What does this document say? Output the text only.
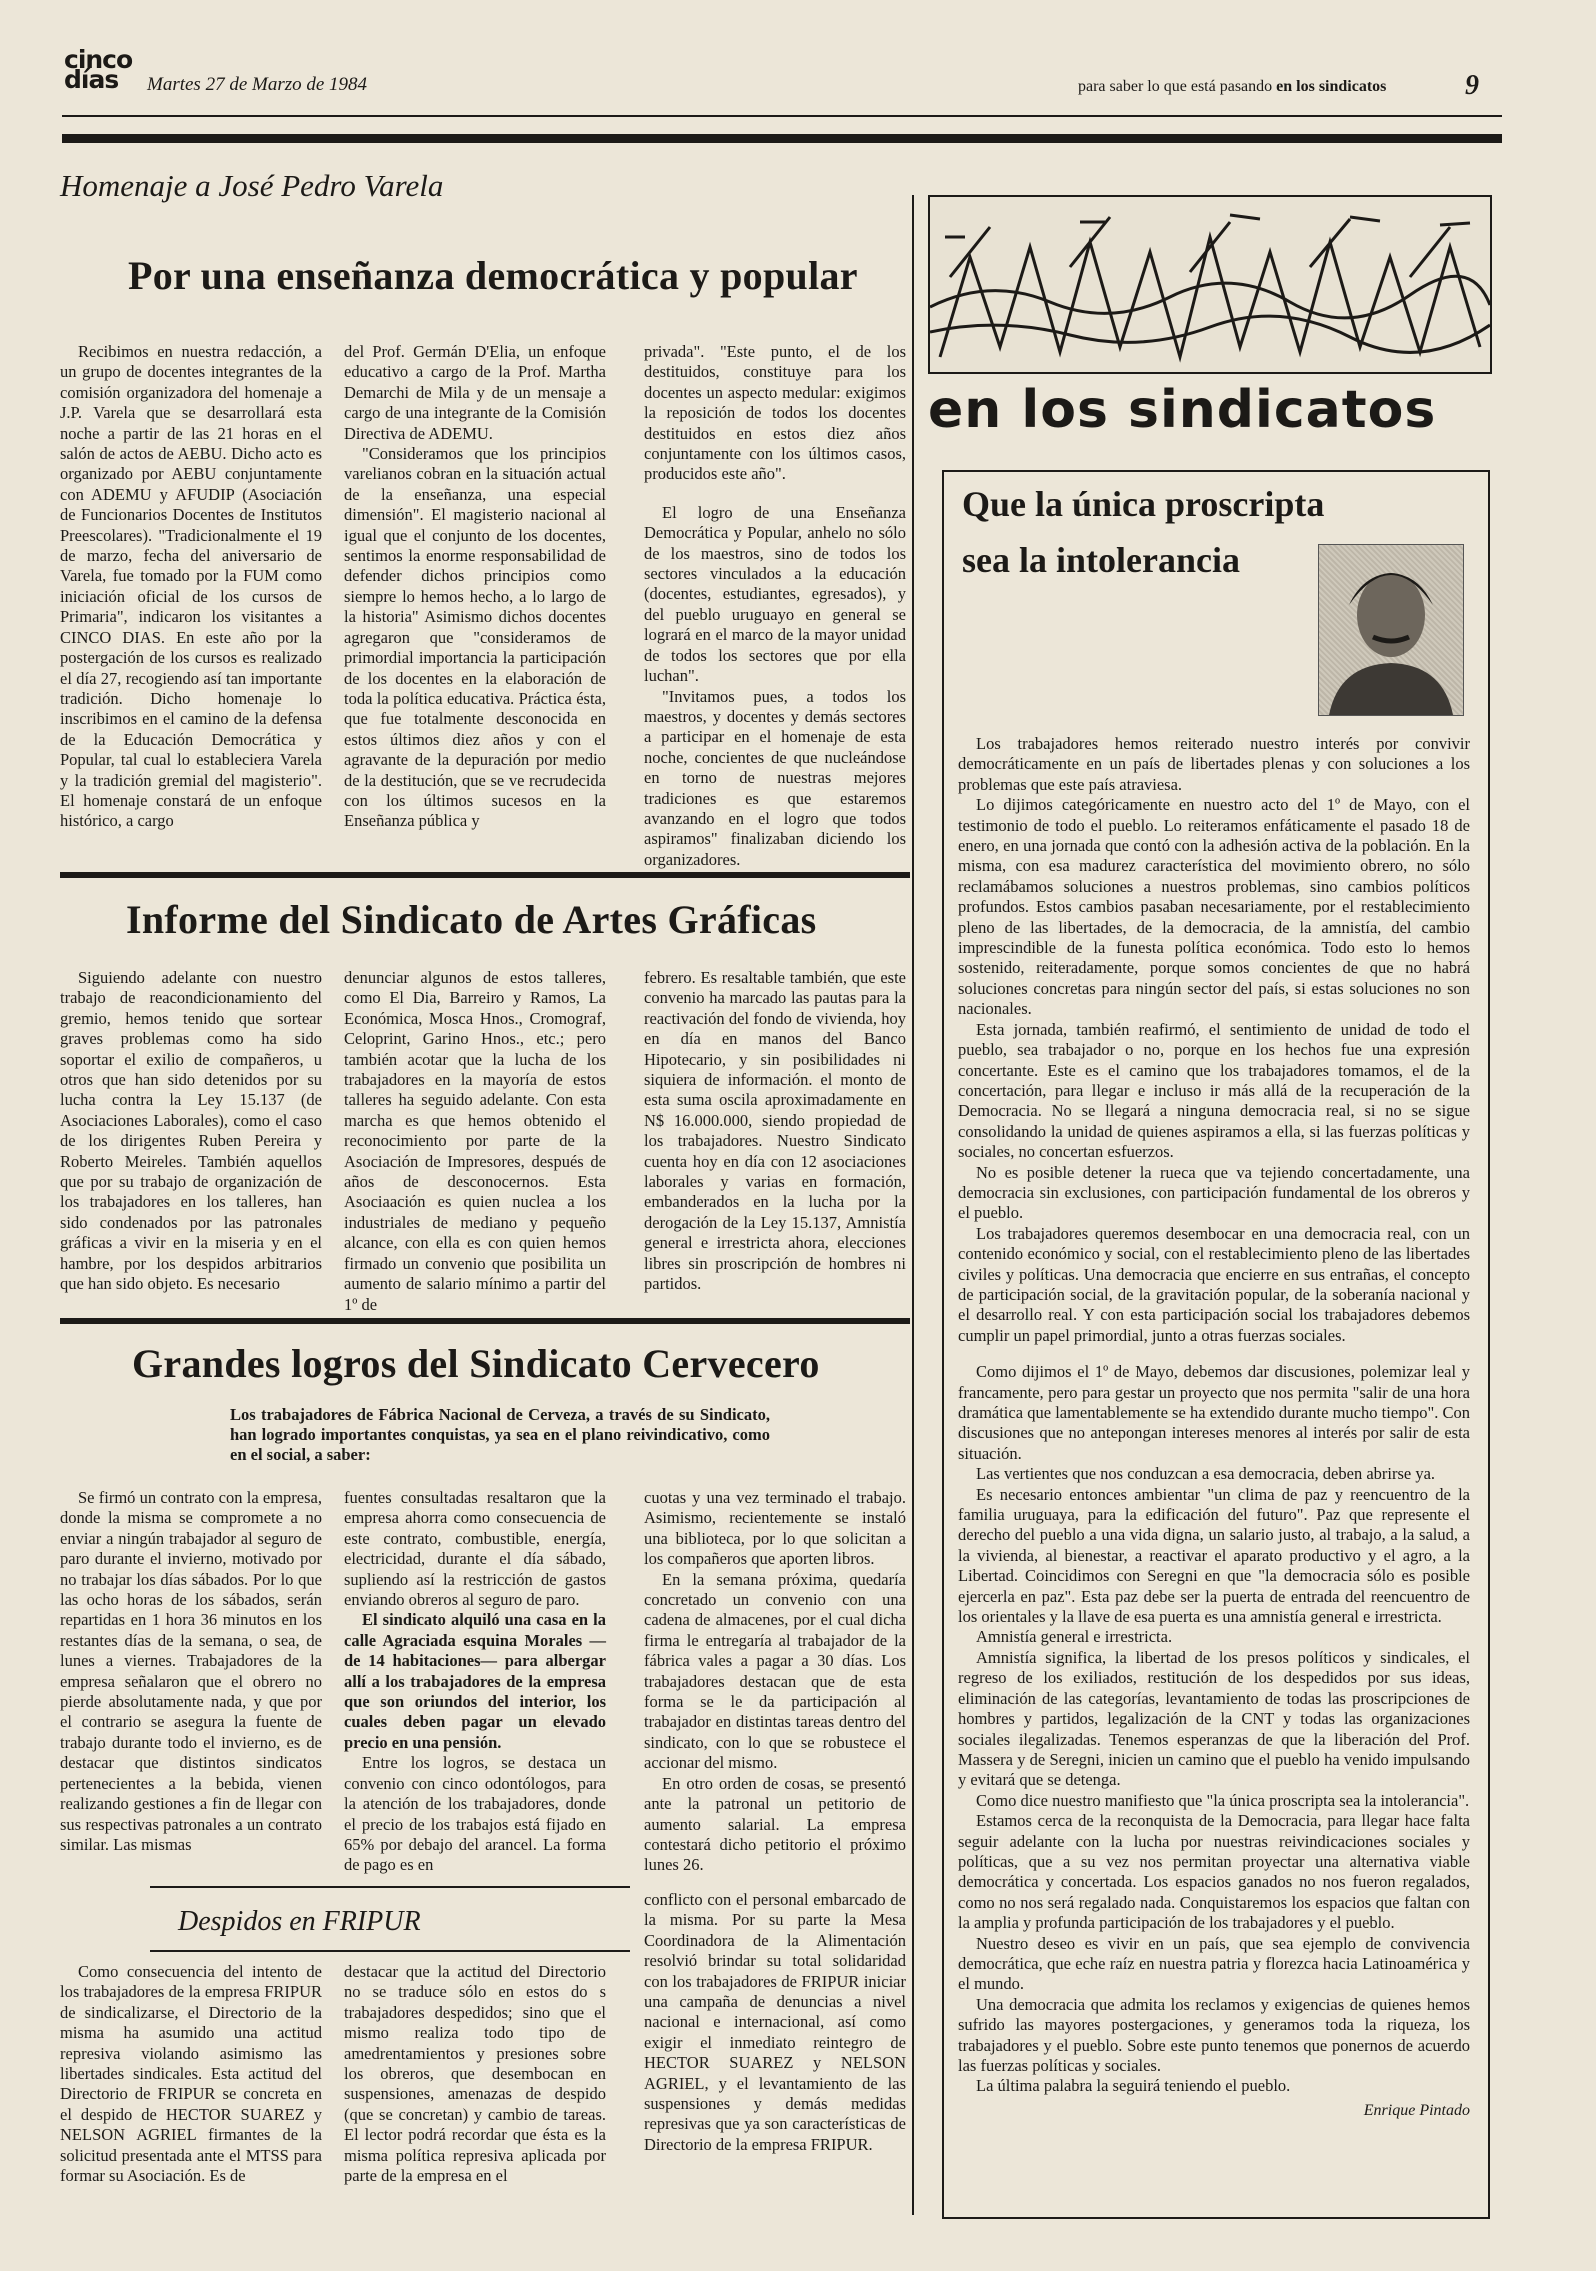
cinco días	Martes 27 de Marzo de 1984	para saber lo que está pasando en los sindicatos	9
Homenaje a José Pedro Varela
Por una enseñanza democrática y popular

Recibimos en nuestra redacción, a un grupo de docentes integrantes de la comisión organizadora del homenaje a J.P. Varela que se desarrollará esta noche a partir de las 21 horas en el salón de actos de AEBU. Dicho acto es organizado por AEBU conjuntamente con ADEMU y AFUDIP (Asociación de Funcionarios Docentes de Institutos Preescolares). "Tradicionalmente el 19 de marzo, fecha del aniversario de Varela, fue tomado por la FUM como iniciación oficial de los cursos de Primaria", indicaron los visitantes a CINCO DIAS. En este año por la postergación de los cursos es realizado el día 27, recogiendo así tan importante tradición. Dicho homenaje lo inscribimos en el camino de la defensa de la Educación Democrática y Popular, tal cual lo estableciera Varela y la tradición gremial del magisterio". El homenaje constará de un enfoque histórico, a cargo

del Prof. Germán D'Elia, un enfoque educativo a cargo de la Prof. Martha Demarchi de Mila y de un mensaje a cargo de una integrante de la Comisión Directiva de ADEMU.

"Consideramos que los principios varelianos cobran en la situación actual de la enseñanza, una especial dimensión". El magisterio nacional al igual que el conjunto de los docentes, sentimos la enorme responsabilidad de defender dichos principios como siempre lo hemos hecho, a lo largo de la historia" Asimismo dichos docentes agregaron que "consideramos de primordial importancia la participación de los docentes en la elaboración de toda la política educativa. Práctica ésta, que fue totalmente desconocida en estos últimos diez años y con el agravante de la depuración por medio de la destitución, que se ve recrudecida con los últimos sucesos en la Enseñanza pública y

privada". "Este punto, el de los destituidos, constituye para los docentes un aspecto medular: exigimos la reposición de todos los docentes destituidos en estos diez años conjuntamente con los últimos casos, producidos este año".

El logro de una Enseñanza Democrática y Popular, anhelo no sólo de los maestros, sino de todos los sectores vinculados a la educación (docentes, estudiantes, egresados), y del pueblo uruguayo en general se logrará en el marco de la mayor unidad de todos los sectores que por ella luchan".

"Invitamos pues, a todos los maestros, y docentes y demás sectores a participar en el homenaje de esta noche, concientes de que nucleándose en torno de nuestras mejores tradiciones es que estaremos avanzando en el logro que todos aspiramos" finalizaban diciendo los organizadores.

Informe del Sindicato de Artes Gráficas

Siguiendo adelante con nuestro trabajo de reacondicionamiento del gremio, hemos tenido que sortear graves problemas como ha sido soportar el exilio de compañeros, u otros que han sido detenidos por su lucha contra la Ley 15.137 (de Asociaciones Laborales), como el caso de los dirigentes Ruben Pereira y Roberto Meireles. También aquellos que por su trabajo de organización de los trabajadores en los talleres, han sido condenados por las patronales gráficas a vivir en la miseria y en el hambre, por los despidos arbitrarios que han sido objeto. Es necesario

denunciar algunos de estos talleres, como El Dia, Barreiro y Ramos, La Económica, Mosca Hnos., Cromograf, Celoprint, Garino Hnos., etc.; pero también acotar que la lucha de los trabajadores en la mayoría de estos talleres ha seguido adelante. Con esta marcha es que hemos obtenido el reconocimiento por parte de la Asociación de Impresores, después de años de desconocernos. Esta Asociaación es quien nuclea a los industriales de mediano y pequeño alcance, con ella es con quien hemos firmado un convenio que posibilita un aumento de salario mínimo a partir del 1º de

febrero. Es resaltable también, que este convenio ha marcado las pautas para la reactivación del fondo de vivienda, hoy en día en manos del Banco Hipotecario, y sin posibilidades ni siquiera de información. el monto de esta suma oscila aproximadamente en N$ 16.000.000, siendo propiedad de los trabajadores. Nuestro Sindicato cuenta hoy en día con 12 asociaciones laborales y varias en formación, embanderados en la lucha por la derogación de la Ley 15.137, Amnistía general e irrestricta ahora, elecciones libres sin proscripción de hombres ni partidos.

Grandes logros del Sindicato Cervecero
Los trabajadores de Fábrica Nacional de Cerveza, a través de su Sindicato, han logrado importantes conquistas, ya sea en el plano reivindicativo, como en el social, a saber:

Se firmó un contrato con la empresa, donde la misma se compromete a no enviar a ningún trabajador al seguro de paro durante el invierno, motivado por no trabajar los días sábados. Por lo que las ocho horas de los sábados, serán repartidas en 1 hora 36 minutos en los restantes días de la semana, o sea, de lunes a viernes. Trabajadores de la empresa señalaron que el obrero no pierde absolutamente nada, y que por el contrario se asegura la fuente de trabajo durante todo el invierno, es de destacar que distintos sindicatos pertenecientes a la bebida, vienen realizando gestiones a fin de llegar con sus respectivas patronales a un contrato similar. Las mismas

fuentes consultadas resaltaron que la empresa ahorra como consecuencia de este contrato, combustible, energía, electricidad, durante el día sábado, supliendo así la restricción de gastos enviando obreros al seguro de paro.

El sindicato alquiló una casa en la calle Agraciada esquina Morales —de 14 habitaciones— para albergar allí a los trabajadores de la empresa que son oriundos del interior, los cuales deben pagar un elevado precio en una pensión.

Entre los logros, se destaca un convenio con cinco odontólogos, para la atención de los trabajadores, donde el precio de los trabajos está fijado en 65% por debajo del arancel. La forma de pago es en

cuotas y una vez terminado el trabajo. Asimismo, recientemente se instaló una biblioteca, por lo que solicitan a los compañeros que aporten libros.

En la semana próxima, quedaría concretado un convenio con una cadena de almacenes, por el cual dicha firma le entregaría al trabajador de la fábrica vales a pagar a 30 días. Los trabajadores destacan que de esta forma se le da participación al trabajador en distintas tareas dentro del sindicato, con lo que se robustece el accionar del mismo.

En otro orden de cosas, se presentó ante la patronal un petitorio de aumento salarial. La empresa contestará dicho petitorio el próximo lunes 26.

Despidos en FRIPUR

Como consecuencia del intento de los trabajadores de la empresa FRIPUR de sindicalizarse, el Directorio de la misma ha asumido una actitud represiva violando asimismo las libertades sindicales. Esta actitud del Directorio de FRIPUR se concreta en el despido de HECTOR SUAREZ y NELSON AGRIEL firmantes de la solicitud presentada ante el MTSS para formar su Asociación. Es de

destacar que la actitud del Directorio no se traduce sólo en estos do s trabajadores despedidos; sino que el mismo realiza todo tipo de amedrentamientos y presiones sobre los obreros, que desembocan en suspensiones, amenazas de despido (que se concretan) y cambio de tareas. El lector podrá recordar que ésta es la misma política represiva aplicada por parte de la empresa en el

conflicto con el personal embarcado de la misma. Por su parte la Mesa Coordinadora de la Alimentación resolvió brindar su total solidaridad con los trabajadores de FRIPUR iniciar una campaña de denuncias a nivel nacional e internacional, así como exigir el inmediato reintegro de HECTOR SUAREZ y NELSON AGRIEL, y el levantamiento de las suspensiones y demás medidas represivas que ya son características de Directorio de la empresa FRIPUR.

en los sindicatos
Que la única proscripta
sea la intolerancia

Los trabajadores hemos reiterado nuestro interés por convivir democráticamente en un país de libertades plenas y con soluciones a los problemas que este país atraviesa.

Lo dijimos categóricamente en nuestro acto del 1º de Mayo, con el testimonio de todo el pueblo. Lo reiteramos enfáticamente el pasado 18 de enero, en una jornada que contó con la adhesión activa de la población. En la misma, con esa madurez característica del movimiento obrero, no sólo reclamábamos soluciones a nuestros problemas, sino cambios políticos profundos. Estos cambios pasaban necesariamente, por el restablecimiento pleno de las libertades, de la democracia, de la amnistía, del cambio imprescindible de la funesta política económica. Todo esto lo hemos sostenido, reiteradamente, porque somos concientes de que no habrá soluciones concretas para ningún sector del país, si estas soluciones no son nacionales.

Esta jornada, también reafirmó, el sentimiento de unidad de todo el pueblo, sea trabajador o no, porque en los hechos fue una expresión concertante. Este es el camino que los trabajadores tomamos, el de la concertación, para llegar e incluso ir más allá de la recuperación de la Democracia. No se llegará a ninguna democracia real, si no se sigue consolidando la unidad de quienes aspiramos a ella, si las fuerzas políticas y sociales, no concertan esfuerzos.

No es posible detener la rueca que va tejiendo concertadamente, una democracia sin exclusiones, con participación fundamental de los obreros y el pueblo.

Los trabajadores queremos desembocar en una democracia real, con un contenido económico y social, con el restablecimiento pleno de las libertades civiles y políticas. Una democracia que encierre en sus entrañas, el concepto de participación social, de la gravitación popular, de la soberanía nacional y el desarrollo real. Y con esta participación social los trabajadores debemos cumplir un papel primordial, junto a otras fuerzas sociales.

Como dijimos el 1º de Mayo, debemos dar discusiones, polemizar leal y francamente, pero para gestar un proyecto que nos permita "salir de una hora dramática que lamentablemente se ha extendido durante mucho tiempo". Con discusiones que no antepongan intereses menores al interés por salir de esta situación.

Las vertientes que nos conduzcan a esa democracia, deben abrirse ya.

Es necesario entonces ambientar "un clima de paz y reencuentro de la familia uruguaya, para la edificación del futuro". Paz que represente el derecho del pueblo a una vida digna, un salario justo, al trabajo, a la salud, a la vivienda, al bienestar, a reactivar el aparato productivo y el agro, a la Libertad. Coincidimos con Seregni en que "la democracia sólo es posible ejercerla en paz". Esta paz debe ser la puerta de entrada del reencuentro de los orientales y la llave de esa puerta es una amnistía general e irrestricta.

Amnistía general e irrestricta.

Amnistía significa, la libertad de los presos políticos y sindicales, el regreso de los exiliados, restitución de los despedidos por sus ideas, eliminación de las categorías, levantamiento de todas las proscripciones de hombres y partidos, legalización de la CNT y todas las organizaciones sociales ilegalizadas. Tenemos esperanzas de que la liberación del Prof. Massera y de Seregni, inicien un camino que el pueblo ha venido impulsando y evitará que se detenga.

Como dice nuestro manifiesto que "la única proscripta sea la intolerancia".

Estamos cerca de la reconquista de la Democracia, para llegar hace falta seguir adelante con la lucha por nuestras reivindicaciones sociales y políticas, que a su vez nos permitan proyectar una alternativa viable democrática y concertada. Los espacios ganados no nos fueron regalados, como no nos será regalado nada. Conquistaremos los espacios que faltan con la amplia y profunda participación de los trabajadores y el pueblo.

Nuestro deseo es vivir en un país, que sea ejemplo de convivencia democrática, que eche raíz en nuestra patria y florezca hacia Latinoamérica y el mundo.

Una democracia que admita los reclamos y exigencias de quienes hemos sufrido las mayores postergaciones, y generamos toda la riqueza, los trabajadores y el pueblo. Sobre este punto tenemos que ponernos de acuerdo las fuerzas políticas y sociales.

La última palabra la seguirá teniendo el pueblo.

Enrique Pintado
